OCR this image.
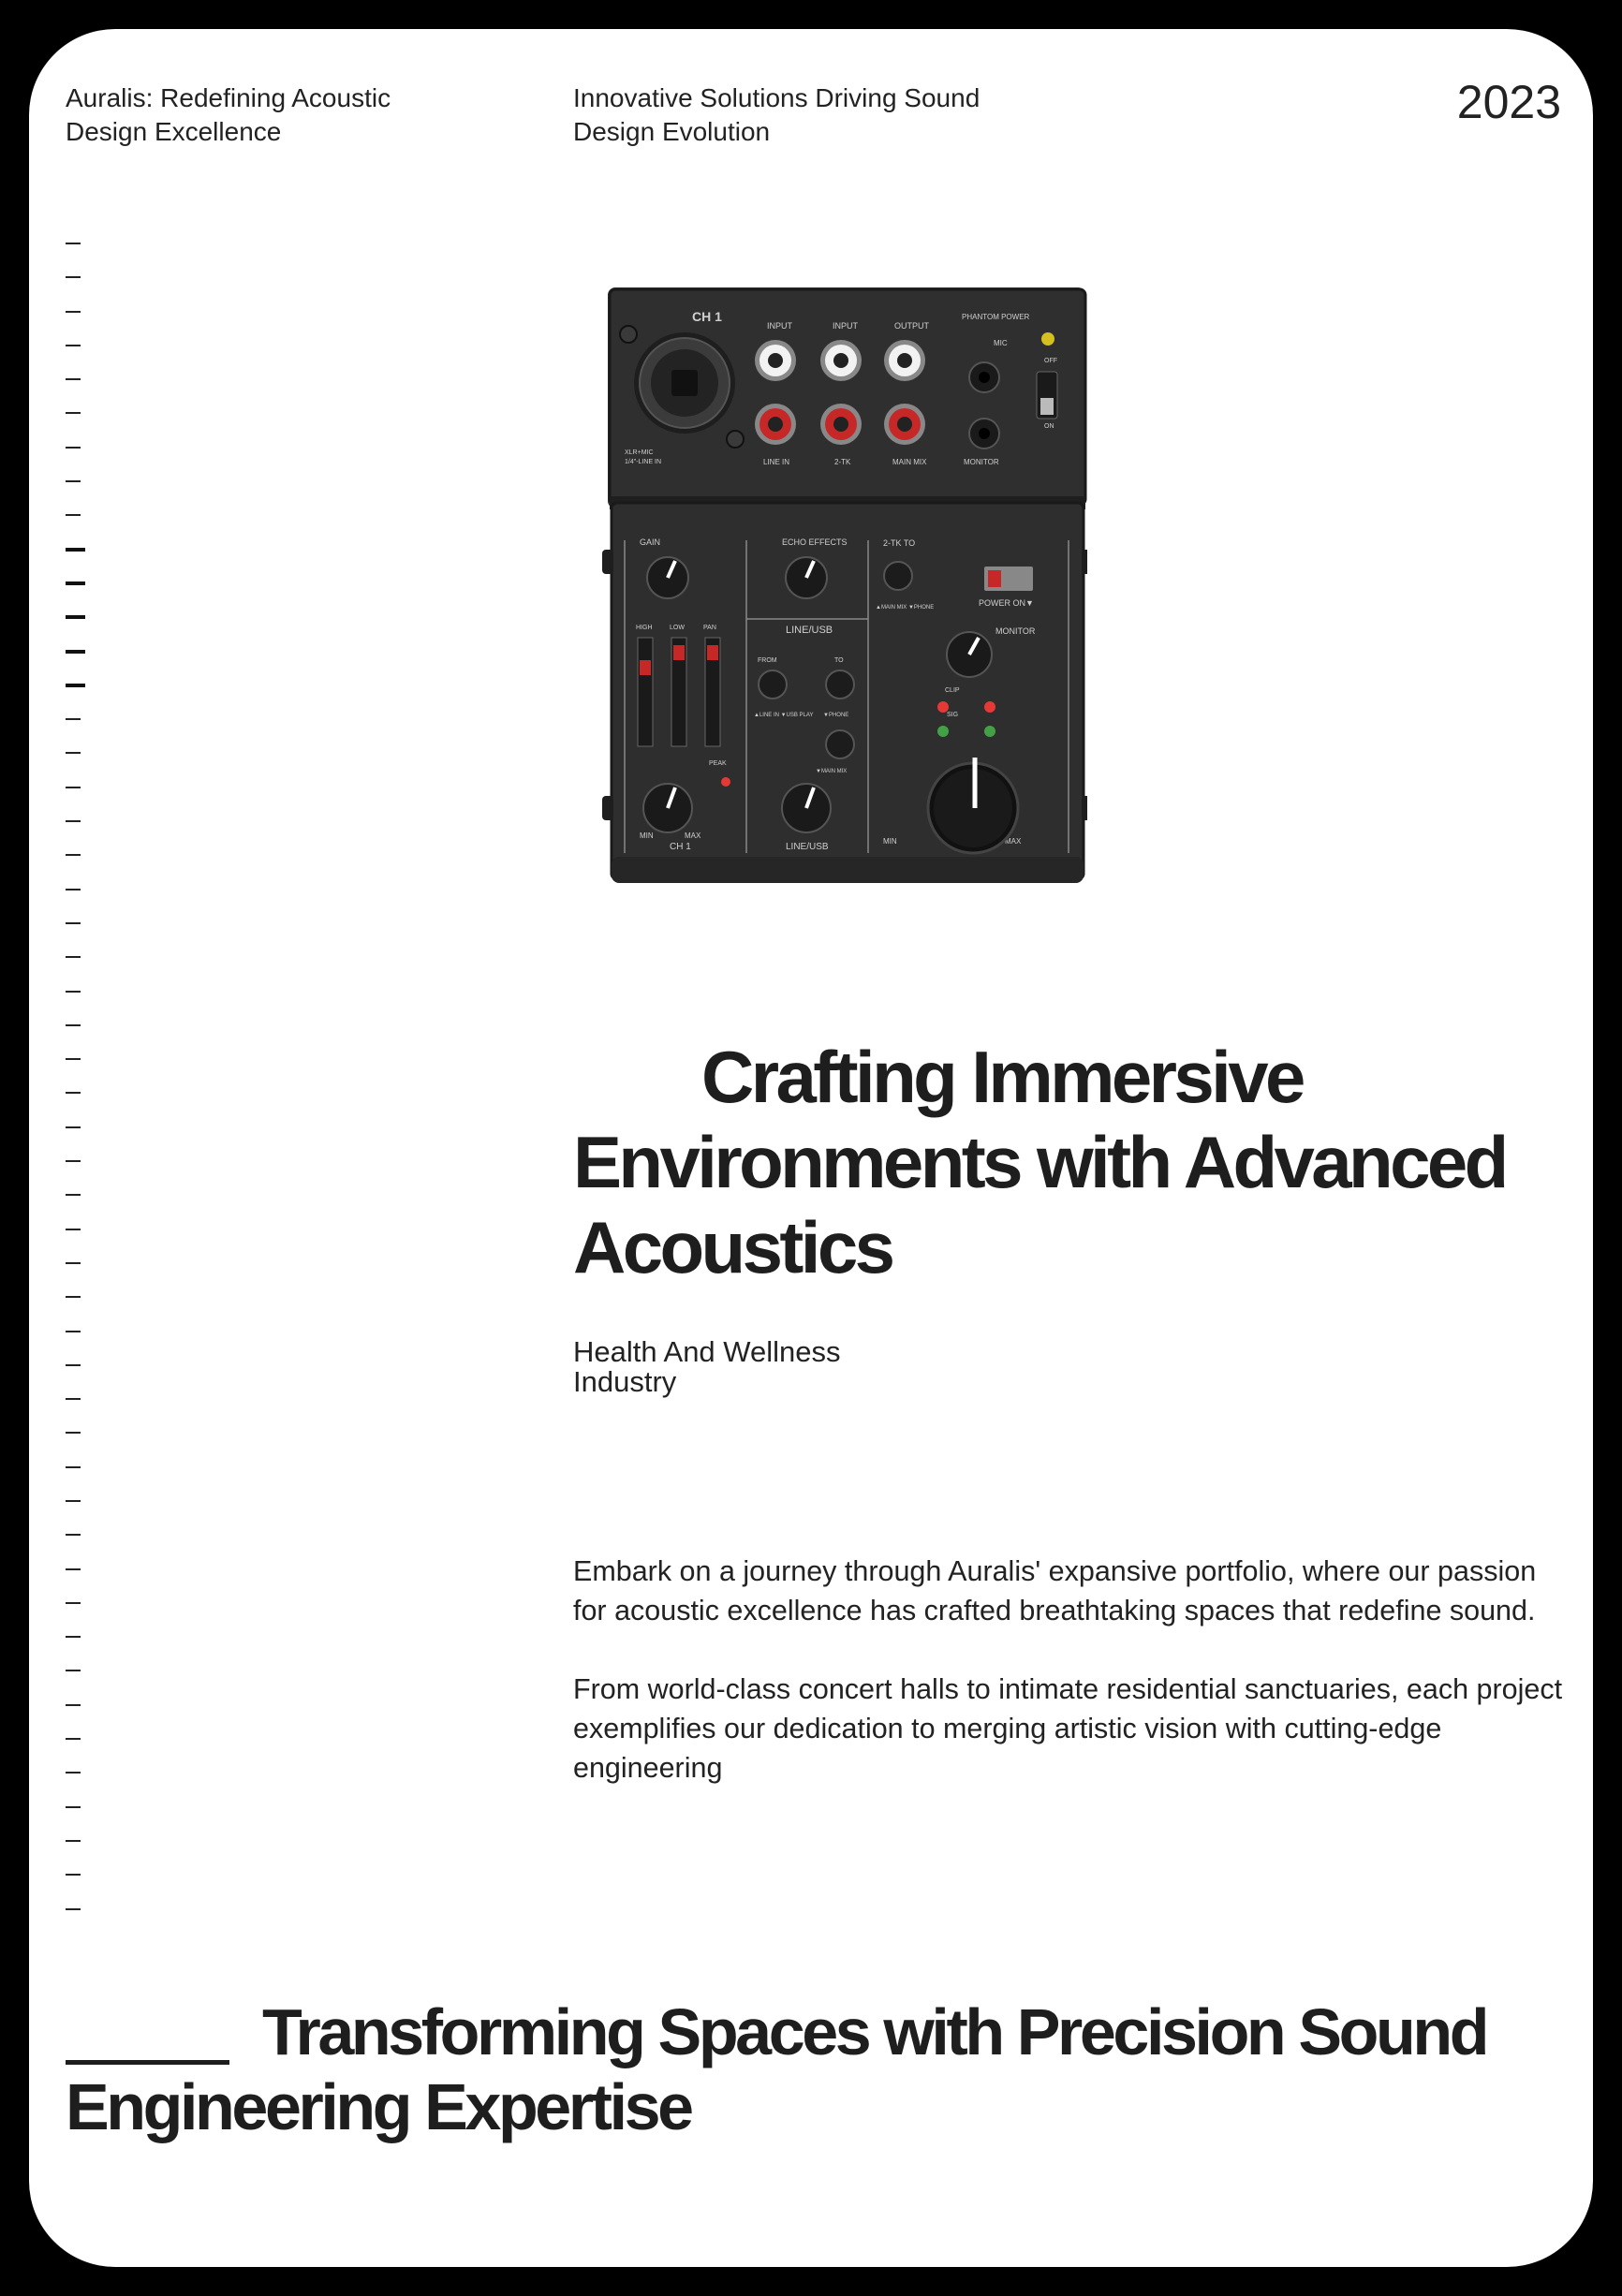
Auralis: Redefining Acoustic Design Excellence
Innovative Solutions Driving Sound Design Evolution
2023
CH 1
INPUT	INPUT	OUTPUT
PHANTOM POWER
MIC
OFF
ON
XLR+MIC
1/4"-LINE IN	LINE IN	2-TK	MAIN MIX	MONITOR
GAIN	ECHO EFFECTS	2-TK TO
POWER ON▼
▲MAIN MIX ▼PHONE
MONITOR
LINE/USB
FROM	TO
▲LINE IN ▼USB PLAY ▼PHONE
▼MAIN MIX
HIGH	LOW	PAN
PEAK
CLIP
SIG
CH 1	LINE/USB
MIN	MAX
MIN	MAX
Crafting Immersive Environments with Advanced Acoustics
Health And Wellness Industry

Embark on a journey through Auralis' expansive portfolio, where our passion for acoustic excellence has crafted breathtaking spaces that redefine sound.

From world-class concert halls to intimate residential sanctuaries, each project exemplifies our dedication to merging artistic vision with cutting-edge engineering

Transforming Spaces with Precision Sound Engineering Expertise
